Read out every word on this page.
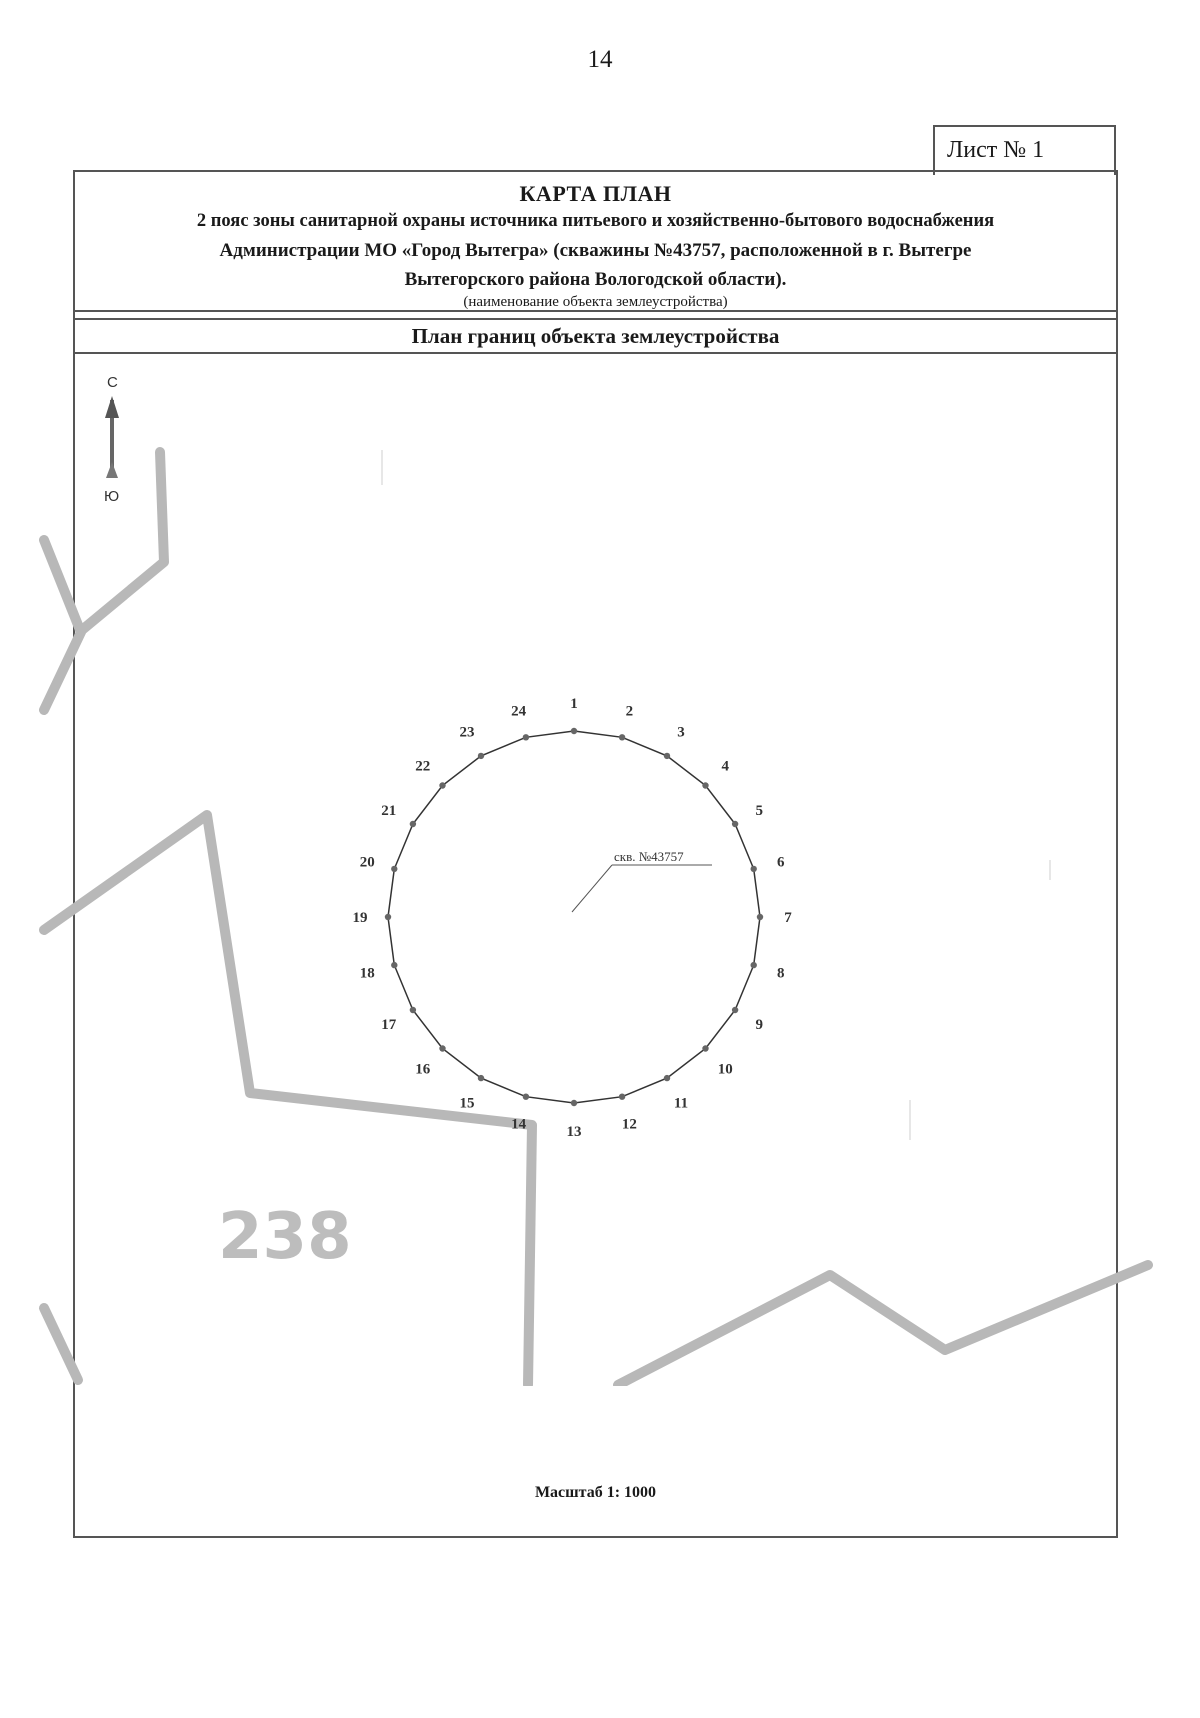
14
Лист № 1
КАРТА ПЛАН
2 пояс зоны санитарной охраны источника питьевого и хозяйственно-бытового водоснабжения
Администрации МО «Город Вытегра» (скважины №43757, расположенной в г. Вытегре
Вытегорского района Вологодской области).
(наименование объекта землеустройства)
План границ объекта землеустройства
238
1	2
3
4
5
6
7
8
9
10
11
12
13
14
15
16
17
18
19
20
21
22
23
24
скв. №43757
С
Ю
Масштаб 1: 1000
